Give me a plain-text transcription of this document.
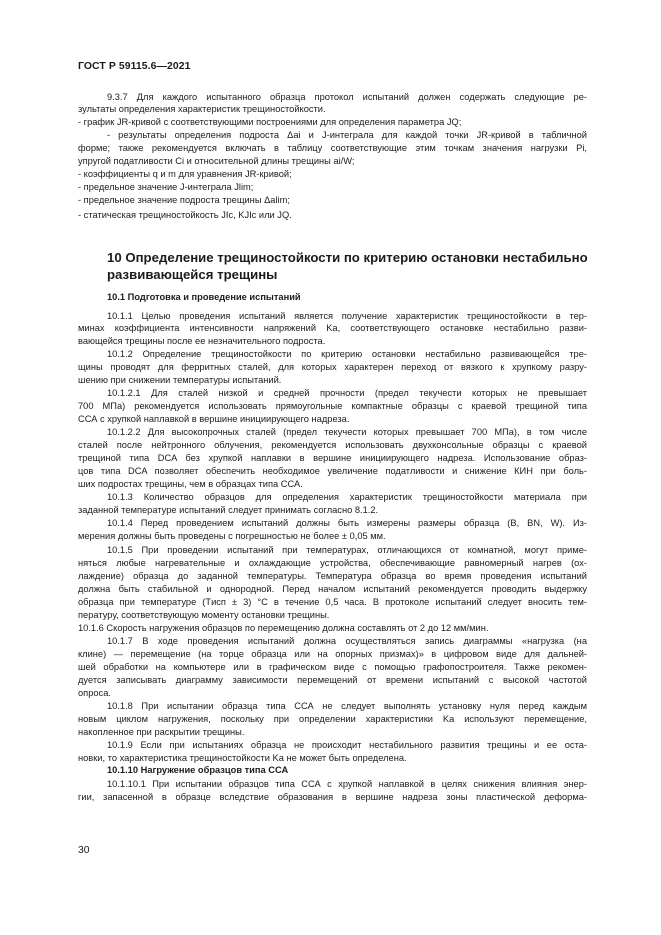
ГОСТ Р 59115.6—2021
9.3.7 Для каждого испытанного образца протокол испытаний должен содержать следующие ре-
зультаты определения характеристик трещиностойкости.
- график JR-кривой с соответствующими построениями для определения параметра JQ;
- результаты определения подроста Δai и J-интеграла для каждой точки JR-кривой в табличной
форме; также рекомендуется включать в таблицу соответствующие этим точкам значения нагрузки Pi,
упругой податливости Ci и относительной длины трещины ai/W;
- коэффициенты q и m для уравнения JR-кривой;
- предельное значение J-интеграла Jlim;
- предельное значение подроста трещины Δalim;
- статическая трещиностойкость JIc, KJIc или JQ.
10 Определение трещиностойкости по критерию остановки нестабильно
развивающейся трещины
10.1 Подготовка и проведение испытаний
10.1.1 Целью проведения испытаний является получение характеристик трещиностойкости в тер-
минах коэффициента интенсивности напряжений Ka, соответствующего остановке нестабильно разви-
вающейся трещины после ее незначительного подроста.
10.1.2 Определение трещиностойкости по критерию остановки нестабильно развивающейся тре-
щины проводят для ферритных сталей, для которых характерен переход от вязкого к хрупкому разру-
шению при снижении температуры испытаний.
10.1.2.1 Для сталей низкой и средней прочности (предел текучести которых не превышает
700 МПа) рекомендуется использовать прямоугольные компактные образцы с краевой трещиной типа
ССА с хрупкой наплавкой в вершине инициирующего надреза.
10.1.2.2 Для высокопрочных сталей (предел текучести которых превышает 700 МПа), в том числе
сталей после нейтронного облучения, рекомендуется использовать двухконсольные образцы с краевой
трещиной типа DCA без хрупкой наплавки в вершине инициирующего надреза. Использование образ-
цов типа DCA позволяет обеспечить необходимое увеличение податливости и снижение КИН при боль-
ших подростах трещины, чем в образцах типа ССА.
10.1.3 Количество образцов для определения характеристик трещиностойкости материала при
заданной температуре испытаний следует принимать согласно 8.1.2.
10.1.4 Перед проведением испытаний должны быть измерены размеры образца (B, BN, W). Из-
мерения должны быть проведены с погрешностью не более ± 0,05 мм.
10.1.5 При проведении испытаний при температурах, отличающихся от комнатной, могут приме-
няться любые нагревательные и охлаждающие устройства, обеспечивающие равномерный нагрев (ох-
лаждение) образца до заданной температуры. Температура образца во время проведения испытаний
должна быть стабильной и однородной. Перед началом испытаний рекомендуется проводить выдержку
образца при температуре (Tисп ± 3) °С в течение 0,5 часа. В протоколе испытаний следует вносить тем-
пературу, соответствующую моменту остановки трещины.
10.1.6 Скорость нагружения образцов по перемещению должна составлять от 2 до 12 мм/мин.
10.1.7 В ходе проведения испытаний должна осуществляться запись диаграммы «нагрузка (на
клине) — перемещение (на торце образца или на опорных призмах)» в цифровом виде для дальней-
шей обработки на компьютере или в графическом виде с помощью графопостроителя. Также рекомен-
дуется записывать диаграмму зависимости перемещений от времени испытаний с высокой частотой
опроса.
10.1.8 При испытании образца типа ССА не следует выполнять установку нуля перед каждым
новым циклом нагружения, поскольку при определении характеристики Ka используют перемещение,
накопленное при раскрытии трещины.
10.1.9 Если при испытаниях образца не происходит нестабильного развития трещины и ее оста-
новки, то характеристика трещиностойкости Ka не может быть определена.
10.1.10 Нагружение образцов типа ССА
10.1.10.1 При испытании образцов типа ССА с хрупкой наплавкой в целях снижения влияния энер-
гии, запасенной в образце вследствие образования в вершине надреза зоны пластической деформа-
30
